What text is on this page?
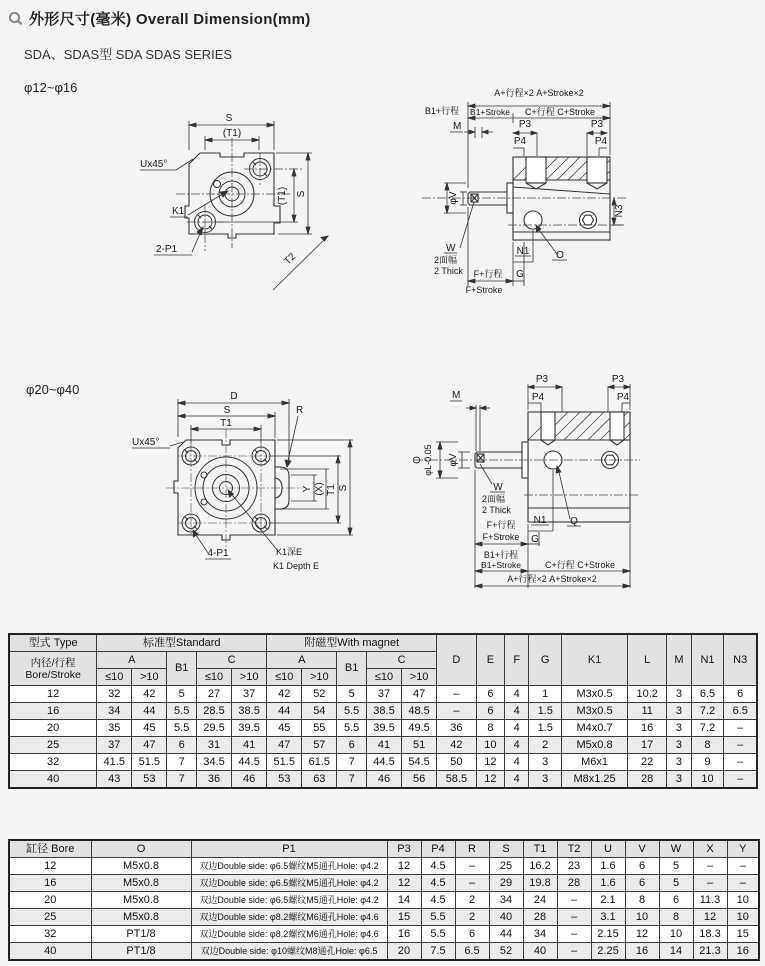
外形尺寸(毫米) Overall Dimension(mm)
SDA、SDAS型 SDA SDAS SERIES
φ12~φ16
φ20~φ40
S
(T1)
Ux45°
K1
2-P1
(T1) S
T2
A+行程×2 A+Stroke×2
B1+行程 B1+Stroke C+行程 C+Stroke
M	P3
P4
P3
P4
φV
W
2面幅
2 Thick F+行程 G
F+Stroke
N1	O
N3
D
S
T1
R
Ux45°
Y (X) T1 S
4-P1	K1深E
K1 Depth E
M
P3
P4
P3
P4
O φL-0.05 φV
W
2面幅
2 Thick
N1 Q
G
F+行程
F+Stroke
B1+行程
B1+Stroke	C+行程 C+Stroke
A+行程×2 A+Stroke×2
型式 Type	标准型Standard					附磁型With magnet					D	E	F	G	K1	L	M	N1	N3

内径/行程
Bore/Stroke	A		B1	C		A		B1	C										
	≤10	>10		≤10	>10	≤10	>10		≤10	>10									
12	32	42	5	27	37	42	52	5	37	47	–	6	4	1	M3x0.5	10.2	3	6.5	6
16	34	44	5.5	28.5	38.5	44	54	5.5	38.5	48.5	–	6	4	1.5	M3x0.5	11	3	7.2	6.5
20	35	45	5.5	29.5	39.5	45	55	5.5	39.5	49.5	36	8	4	1.5	M4x0.7	16	3	7.2	–
25	37	47	6	31	41	47	57	6	41	51	42	10	4	2	M5x0.8	17	3	8	–
32	41.5	51.5	7	34.5	44.5	51.5	61.5	7	44.5	54.5	50	12	4	3	M6x1	22	3	9	–
40	43	53	7	36	46	53	63	7	46	56	58.5	12	4	3	M8x1.25	28	3	10	–
缸径 Bore	O	P1	P3	P4	R	S	T1	T2	U	V	W	X	Y
12	M5x0.8	双边Double side: φ6.5螺纹M5通孔Hole: φ4.2	12	4.5	–	25	16.2	23	1.6	6	5	–	–
16	M5x0.8	双边Double side: φ6.5螺纹M5通孔Hole: φ4.2	12	4.5	–	29	19.8	28	1.6	6	5	–	–
20	M5x0.8	双边Double side: φ6.5螺纹M5通孔Hole: φ4.2	14	4.5	2	34	24	–	2.1	8	6	11.3	10
25	M5x0.8	双边Double side: φ8.2螺纹M6通孔Hole: φ4.6	15	5.5	2	40	28	–	3.1	10	8	12	10
32	PT1/8	双边Double side: φ8.2螺纹M6通孔Hole: φ4.6	16	5.5	6	44	34	–	2.15	12	10	18.3	15
40	PT1/8	双边Double side: φ10螺纹M8通孔Hole: φ6.5	20	7.5	6.5	52	40	–	2.25	16	14	21.3	16
